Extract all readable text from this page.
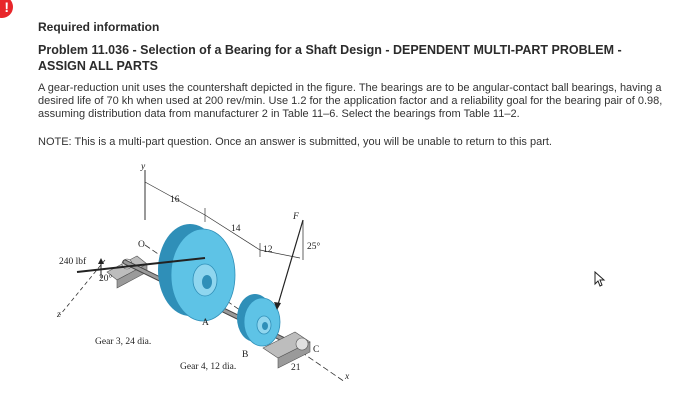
!
Required information
Problem 11.036 - Selection of a Bearing for a Shaft Design - DEPENDENT MULTI-PART PROBLEM - ASSIGN ALL PARTS
A gear-reduction unit uses the countershaft depicted in the figure. The bearings are to be angular-contact ball bearings, having a desired life of 70 kh when used at 200 rev/min. Use 1.2 for the application factor and a reliability goal for the bearing pair of 0.98, assuming distribution data from manufacturer 2 in Table 11–6. Select the bearings from Table 11–2.
NOTE: This is a multi-part question. Once an answer is submitted, you will be unable to return to this part.
240 lbf
20°
25°
Gear 3, 24 dia.
Gear 4, 12 dia.
16
14
12
21
O
A
B	C
F
x
y
z
